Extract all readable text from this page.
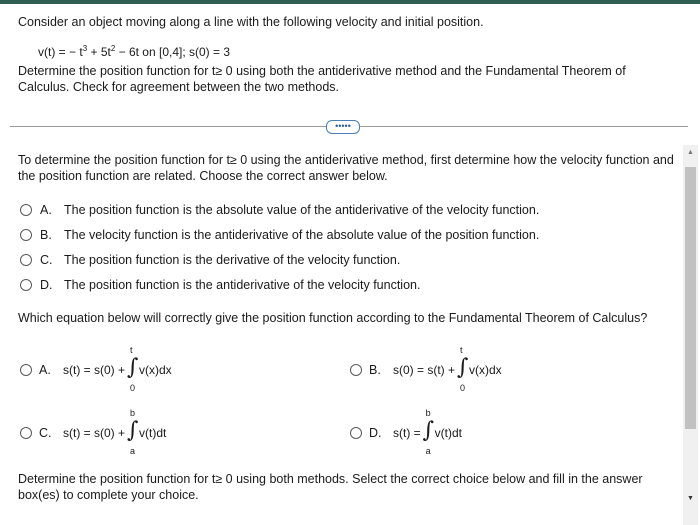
Consider an object moving along a line with the following velocity and initial position.
v(t) = − $t^3 + 5t^2 - 6t$ on [0,4]; s(0) = 3
Determine the position function for t≥ 0 using both the antiderivative method and the Fundamental Theorem of Calculus. Check for agreement between the two methods.
•••••
To determine the position function for t≥ 0 using the antiderivative method, first determine how the velocity function and the position function are related. Choose the correct answer below.
A. The position function is the absolute value of the antiderivative of the velocity function.
B. The velocity function is the antiderivative of the absolute value of the position function.
C. The position function is the derivative of the velocity function.
D. The position function is the antiderivative of the velocity function.
Which equation below will correctly give the position function according to the Fundamental Theorem of Calculus?
A.	s(t) = s(0) +
t
∫
0
v(x)dx	B.	s(0) = s(t) +
t
∫
0
v(x)dx
C. s(t) = s(0) +
b
∫
a
v(t)dt	D. s(t) =
b
∫
a
v(t)dt
Determine the position function for t≥ 0 using both methods. Select the correct choice below and fill in the answer box(es) to complete your choice.
▲
▼
